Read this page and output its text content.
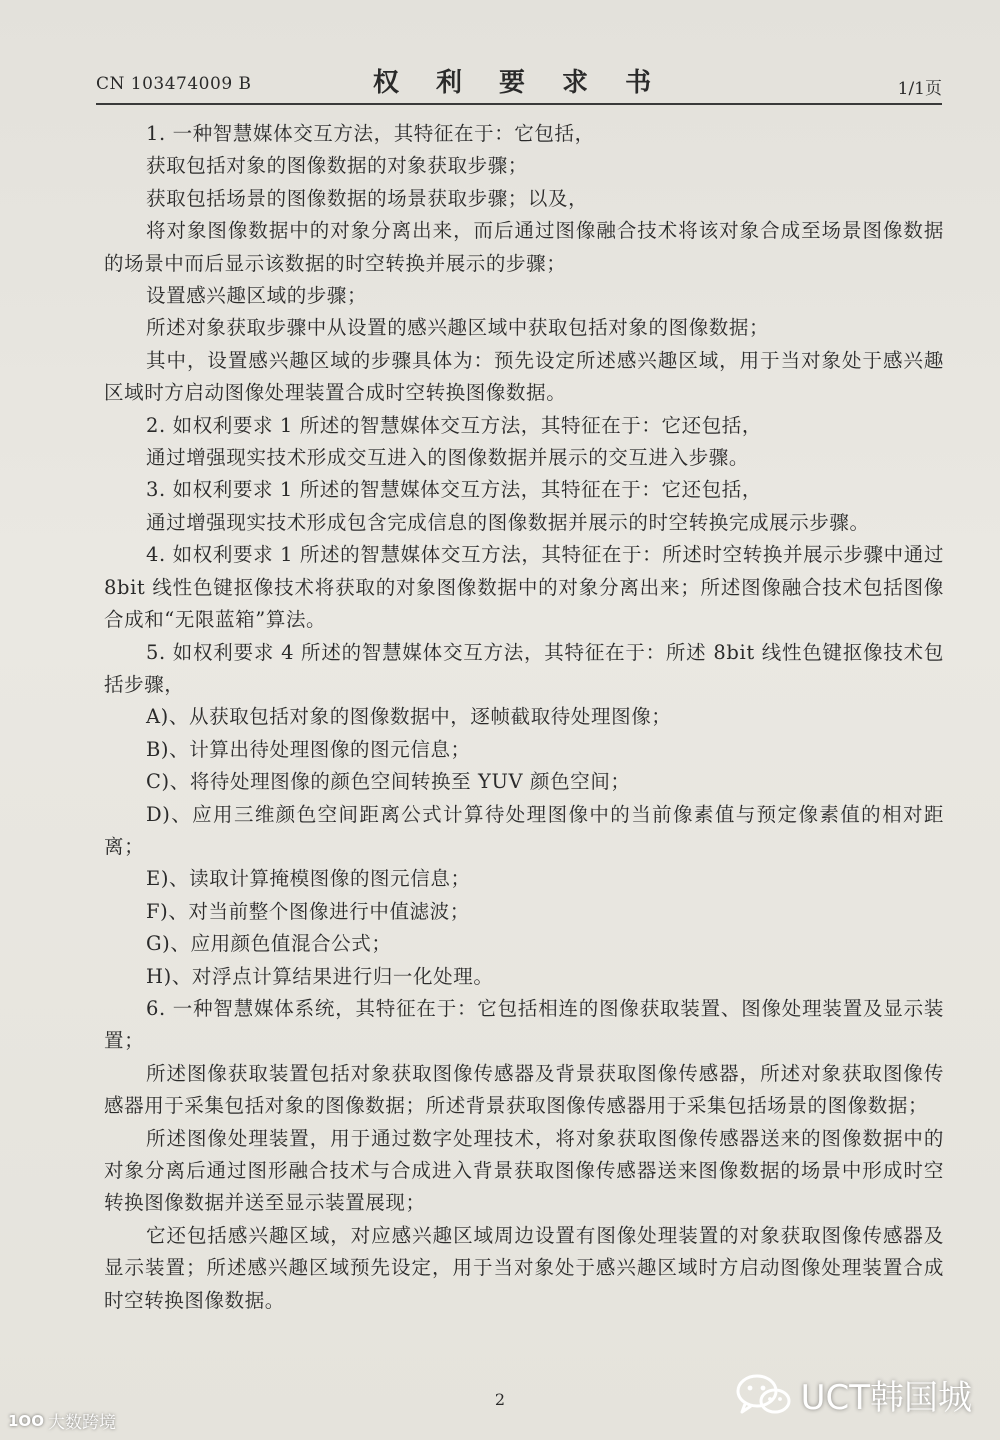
CN 103474009 B	权 利 要 求 书	1/1页

1. 一种智慧媒体交互方法，其特征在于：它包括，

获取包括对象的图像数据的对象获取步骤；

获取包括场景的图像数据的场景获取步骤；以及，

将对象图像数据中的对象分离出来，而后通过图像融合技术将该对象合成至场景图像数据的场景中而后显示该数据的时空转换并展示的步骤；

设置感兴趣区域的步骤；

所述对象获取步骤中从设置的感兴趣区域中获取包括对象的图像数据；

其中，设置感兴趣区域的步骤具体为：预先设定所述感兴趣区域，用于当对象处于感兴趣区域时方启动图像处理装置合成时空转换图像数据。

2. 如权利要求 1 所述的智慧媒体交互方法，其特征在于：它还包括，

通过增强现实技术形成交互进入的图像数据并展示的交互进入步骤。

3. 如权利要求 1 所述的智慧媒体交互方法，其特征在于：它还包括，

通过增强现实技术形成包含完成信息的图像数据并展示的时空转换完成展示步骤。

4. 如权利要求 1 所述的智慧媒体交互方法，其特征在于：所述时空转换并展示步骤中通过 8bit 线性色键抠像技术将获取的对象图像数据中的对象分离出来；所述图像融合技术包括图像合成和“无限蓝箱”算法。

5. 如权利要求 4 所述的智慧媒体交互方法，其特征在于：所述 8bit 线性色键抠像技术包括步骤，

A)、从获取包括对象的图像数据中，逐帧截取待处理图像；

B)、计算出待处理图像的图元信息；

C)、将待处理图像的颜色空间转换至 YUV 颜色空间；

D)、应用三维颜色空间距离公式计算待处理图像中的当前像素值与预定像素值的相对距离；

E)、读取计算掩模图像的图元信息；

F)、对当前整个图像进行中值滤波；

G)、应用颜色值混合公式；

H)、对浮点计算结果进行归一化处理。

6. 一种智慧媒体系统，其特征在于：它包括相连的图像获取装置、图像处理装置及显示装置；

所述图像获取装置包括对象获取图像传感器及背景获取图像传感器，所述对象获取图像传感器用于采集包括对象的图像数据；所述背景获取图像传感器用于采集包括场景的图像数据；

所述图像处理装置，用于通过数字处理技术，将对象获取图像传感器送来的图像数据中的对象分离后通过图形融合技术与合成进入背景获取图像传感器送来图像数据的场景中形成时空转换图像数据并送至显示装置展现；

它还包括感兴趣区域，对应感兴趣区域周边设置有图像处理装置的对象获取图像传感器及显示装置；所述感兴趣区域预先设定，用于当对象处于感兴趣区域时方启动图像处理装置合成时空转换图像数据。

2
1OO 大数跨境
UCT韩国城
